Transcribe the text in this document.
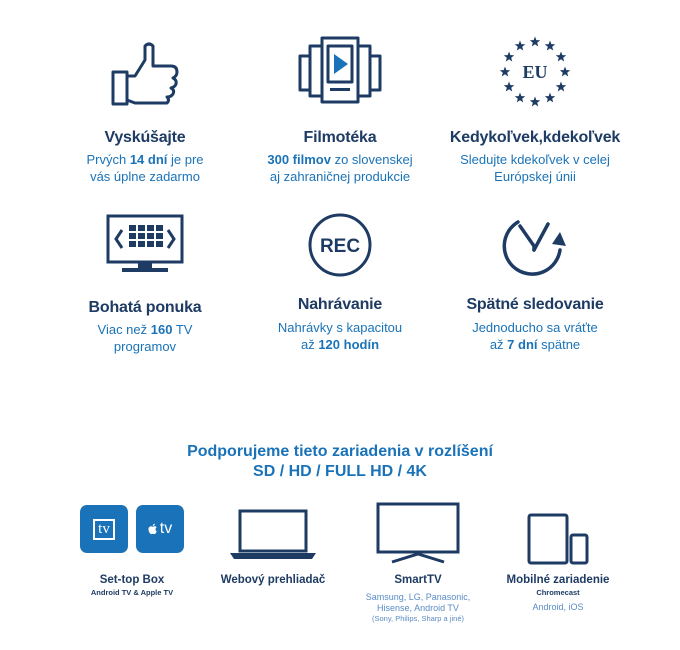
Vyskúšajte
Prvých 14 dní je pre
vás úplne zadarmo
Filmotéka
300 filmov zo slovenskej
aj zahraničnej produkcie
EU
Kedykoľvek,kdekoľvek
Sledujte kdekoľvek v celej
Európskej únii
Bohatá ponuka
Viac než 160 TV
programov
REC
Nahrávanie
Nahrávky s kapacitou
až 120 hodín
Spätné sledovanie
Jednoducho sa vráťte
až 7 dní spätne
Podporujeme tieto zariadenia v rozlíšení
SD / HD / FULL HD / 4K
tv	tv
Set-top Box
Android TV & Apple TV
Webový prehliadač	SmartTV
Samsung, LG, Panasonic,
Hisense, Android TV
(Sony, Philips, Sharp a jiné)
Mobilné zariadenie
Chromecast
Android, iOS
